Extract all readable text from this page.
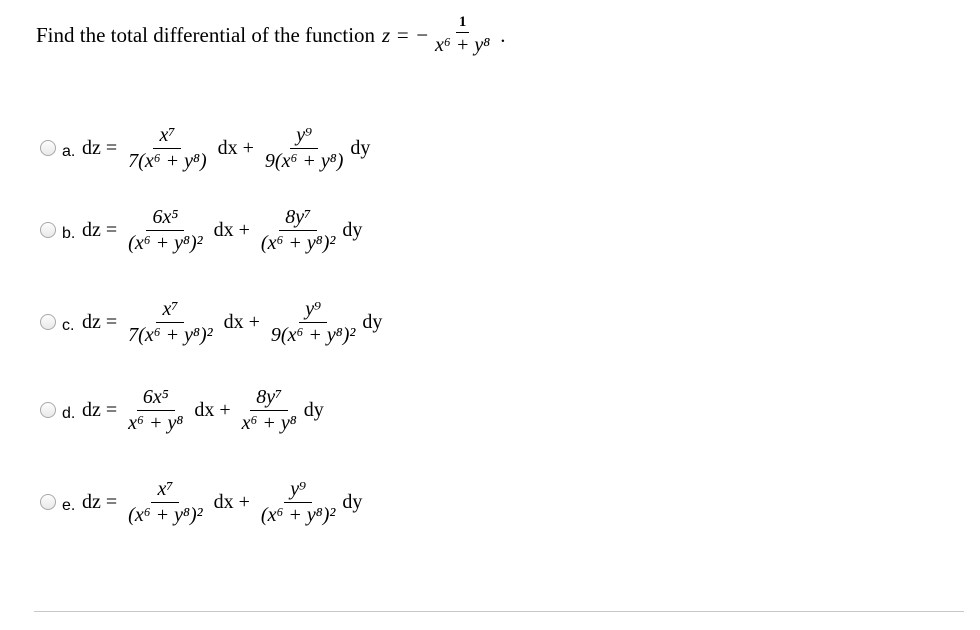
Find the total differential of the function z = − $\frac{1}{\text{x⁶ + y⁸}}$ .
a. dz = $\frac{\text{x⁷}}{\text{7(x⁶ + y⁸)}}$ dx + $\frac{\text{y⁹}}{\text{9(x⁶ + y⁸)}}$ dy
b. dz = $\frac{\text{6x⁵}}{\text{(x⁶ + y⁸)²}}$ dx + $\frac{\text{8y⁷}}{\text{(x⁶ + y⁸)²}}$ dy
c. dz = $\frac{\text{x⁷}}{\text{7(x⁶ + y⁸)²}}$ dx + $\frac{\text{y⁹}}{\text{9(x⁶ + y⁸)²}}$ dy
d. dz = $\frac{\text{6x⁵}}{\text{x⁶ + y⁸}}$ dx + $\frac{\text{8y⁷}}{\text{x⁶ + y⁸}}$ dy
e. dz = $\frac{\text{x⁷}}{\text{(x⁶ + y⁸)²}}$ dx + $\frac{\text{y⁹}}{\text{(x⁶ + y⁸)²}}$ dy
